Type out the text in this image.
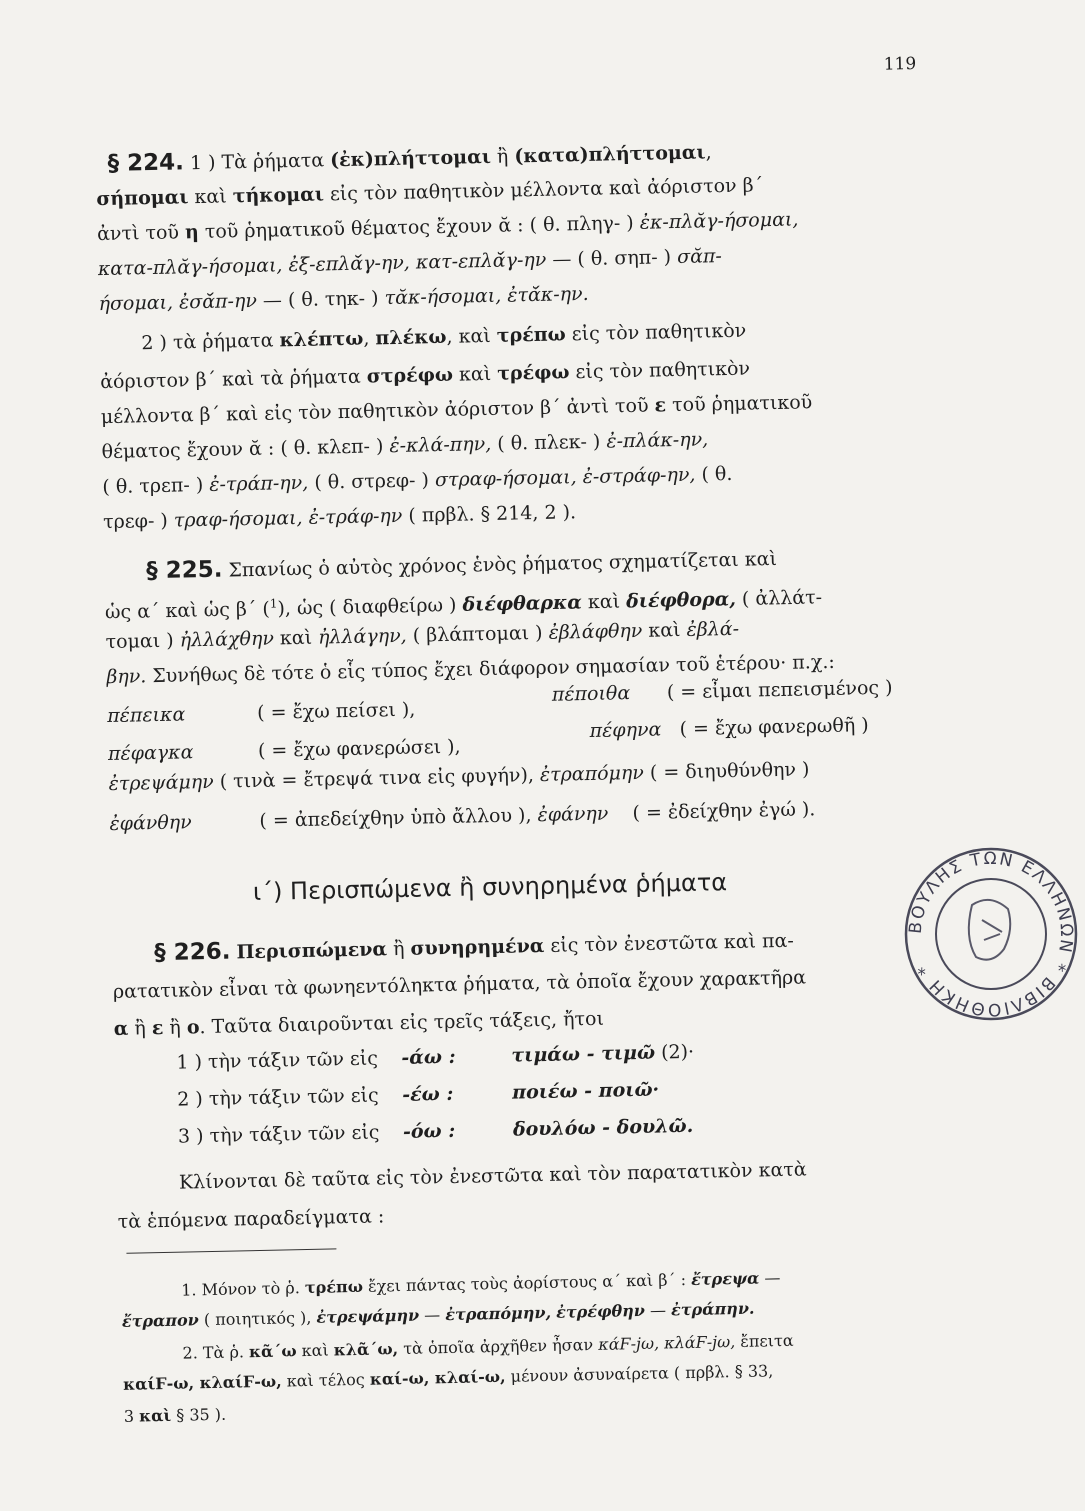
119
§ 224. 1 ) Τὰ ῥήματα (ἐκ)πλήττομαι ἢ (κατα)πλήττομαι,
σήπομαι καὶ τήκομαι εἰς τὸν παθητικὸν μέλλοντα καὶ ἀόριστον β´
ἀντὶ τοῦ η τοῦ ῥηματικοῦ θέματος ἔχουν ᾰ : ( θ. πληγ- ) ἐκ-πλᾰγ-ήσομαι,
κατα-πλᾰγ-ήσομαι, ἐξ-επλᾰ́γ-ην, κατ-επλᾰ́γ-ην — ( θ. σηπ- ) σᾰπ-
ήσομαι, ἐσᾰ́π-ην — ( θ. τηκ- ) τᾰκ-ήσομαι, ἐτᾰ́κ-ην.
2 ) τὰ ῥήματα κλέπτω, πλέκω, καὶ τρέπω εἰς τὸν παθητικὸν
ἀόριστον β´ καὶ τὰ ῥήματα στρέφω καὶ τρέφω εἰς τὸν παθητικὸν
μέλλοντα β´ καὶ εἰς τὸν παθητικὸν ἀόριστον β´ ἀντὶ τοῦ ε τοῦ ῥηματικοῦ
θέματος ἔχουν ᾰ : ( θ. κλεπ- ) ἐ-κλά-πην, ( θ. πλεκ- ) ἐ-πλάκ-ην,
( θ. τρεπ- ) ἐ-τράπ-ην, ( θ. στρεφ- ) στραφ-ήσομαι, ἐ-στράφ-ην, ( θ.
τρεφ- ) τραφ-ήσομαι, ἐ-τράφ-ην ( πρβλ. § 214, 2 ).
§ 225. Σπανίως ὁ αὐτὸς χρόνος ἑνὸς ῥήματος σχηματίζεται καὶ
ὡς α´ καὶ ὡς β´ ($^1$), ὡς ( διαφθείρω ) διέφθαρκα καὶ διέφθορα, ( ἀλλάτ-
τομαι ) ἠλλάχθην καὶ ἠλλάγην, ( βλάπτομαι ) ἐβλάφθην καὶ ἐβλά-
βην. Συνήθως δὲ τότε ὁ εἷς τύπος ἔχει διάφορον σημασίαν τοῦ ἑτέρου· π.χ.:
πέπεικα	( = ἔχω πείσει ),
πέποιθα ( = εἶμαι πεπεισμένος )
πέφαγκα	( = ἔχω φανερώσει ),
πέφηνα ( = ἔχω φανερωθῆ )
ἐτρεψάμην ( τινὰ = ἔτρεψά τινα εἰς φυγήν), ἐτραπόμην ( = διηυθύνθην )
ἐφάνθην	( = ἀπεδείχθην ὑπὸ ἄλλου ), ἐφάνην ( = ἐδείχθην ἐγώ ).
ι´) Περισπώμενα ἢ συνηρημένα ῥήματα
§ 226. Περισπώμενα ἢ συνηρημένα εἰς τὸν ἐνεστῶτα καὶ πα-
ρατατικὸν εἶναι τὰ φωνηεντόληκτα ῥήματα, τὰ ὁποῖα ἔχουν χαρακτῆρα
α ἢ ε ἢ ο. Ταῦτα διαιροῦνται εἰς τρεῖς τάξεις, ἤτοι
1 ) τὴν τάξιν τῶν εἰς -άω :	τιμάω - τιμῶ (2)·
2 ) τὴν τάξιν τῶν εἰς -έω :	ποιέω - ποιῶ·
3 ) τὴν τάξιν τῶν εἰς -όω :	δουλόω - δουλῶ.
Κλίνονται δὲ ταῦτα εἰς τὸν ἐνεστῶτα καὶ τὸν παρατατικὸν κατὰ
τὰ ἑπόμενα παραδείγματα :
1. Μόνον τὸ ῥ. τρέπω ἔχει πάντας τοὺς ἀορίστους α´ καὶ β´ : ἔτρεψα —
ἔτραπον ( ποιητικός ), ἐτρεψάμην — ἐτραπόμην, ἐτρέφθην — ἐτράπην.
2. Τὰ ῥ. κᾶ´ω καὶ κλᾶ´ω, τὰ ὁποῖα ἀρχῆθεν ἦσαν κάϜ-jω, κλάϜ-jω, ἔπειτα
καίϜ-ω, κλαίϜ-ω, καὶ τέλος καί-ω, κλαί-ω, μένουν ἀσυναίρετα ( πρβλ. § 33,
3 καὶ § 35 ).
ΒΟΥΛΗΣ ΤΩΝ ΕΛΛΗΝΩΝ * ΒΙΒΛΙΟΘΗΚΗ *
